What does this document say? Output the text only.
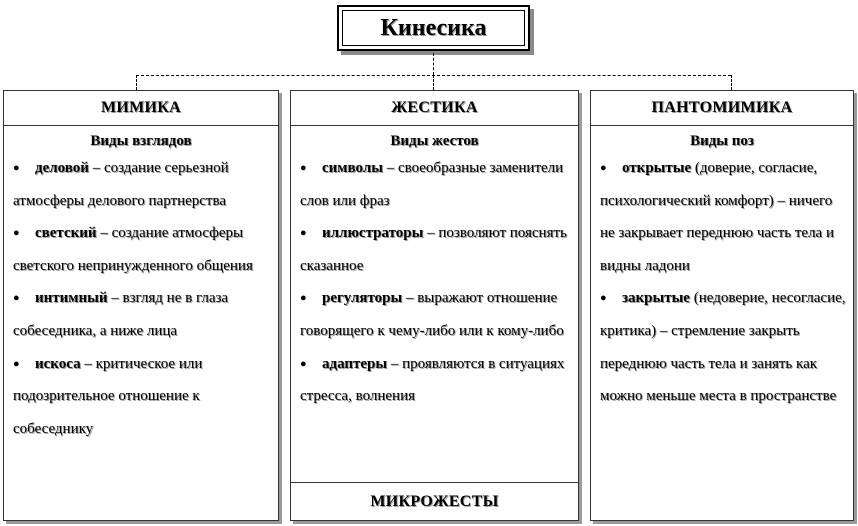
Кинесика
МИМИКА
Виды взглядов

● деловой – создание серьезной атмосферы делового партнерства

● светский – создание атмосферы светского непринужденного общения

● интимный – взгляд не в глаза собеседника, а ниже лица

● искоса – критическое или подозрительное отношение к собеседнику

ЖЕСТИКА
Виды жестов

● символы – своеобразные заменители слов или фраз

● иллюстраторы – позволяют пояснять сказанное

● регуляторы – выражают отношение говорящего к чему-либо или к кому-либо

● адаптеры – проявляются в ситуациях стресса, волнения

МИКРОЖЕСТЫ
ПАНТОМИМИКА
Виды поз

● открытые (доверие, согласие, психологический комфорт) – ничего не закрывает переднюю часть тела и видны ладони

● закрытые (недоверие, несогласие, критика) – стремление закрыть переднюю часть тела и занять как можно меньше места в пространстве
